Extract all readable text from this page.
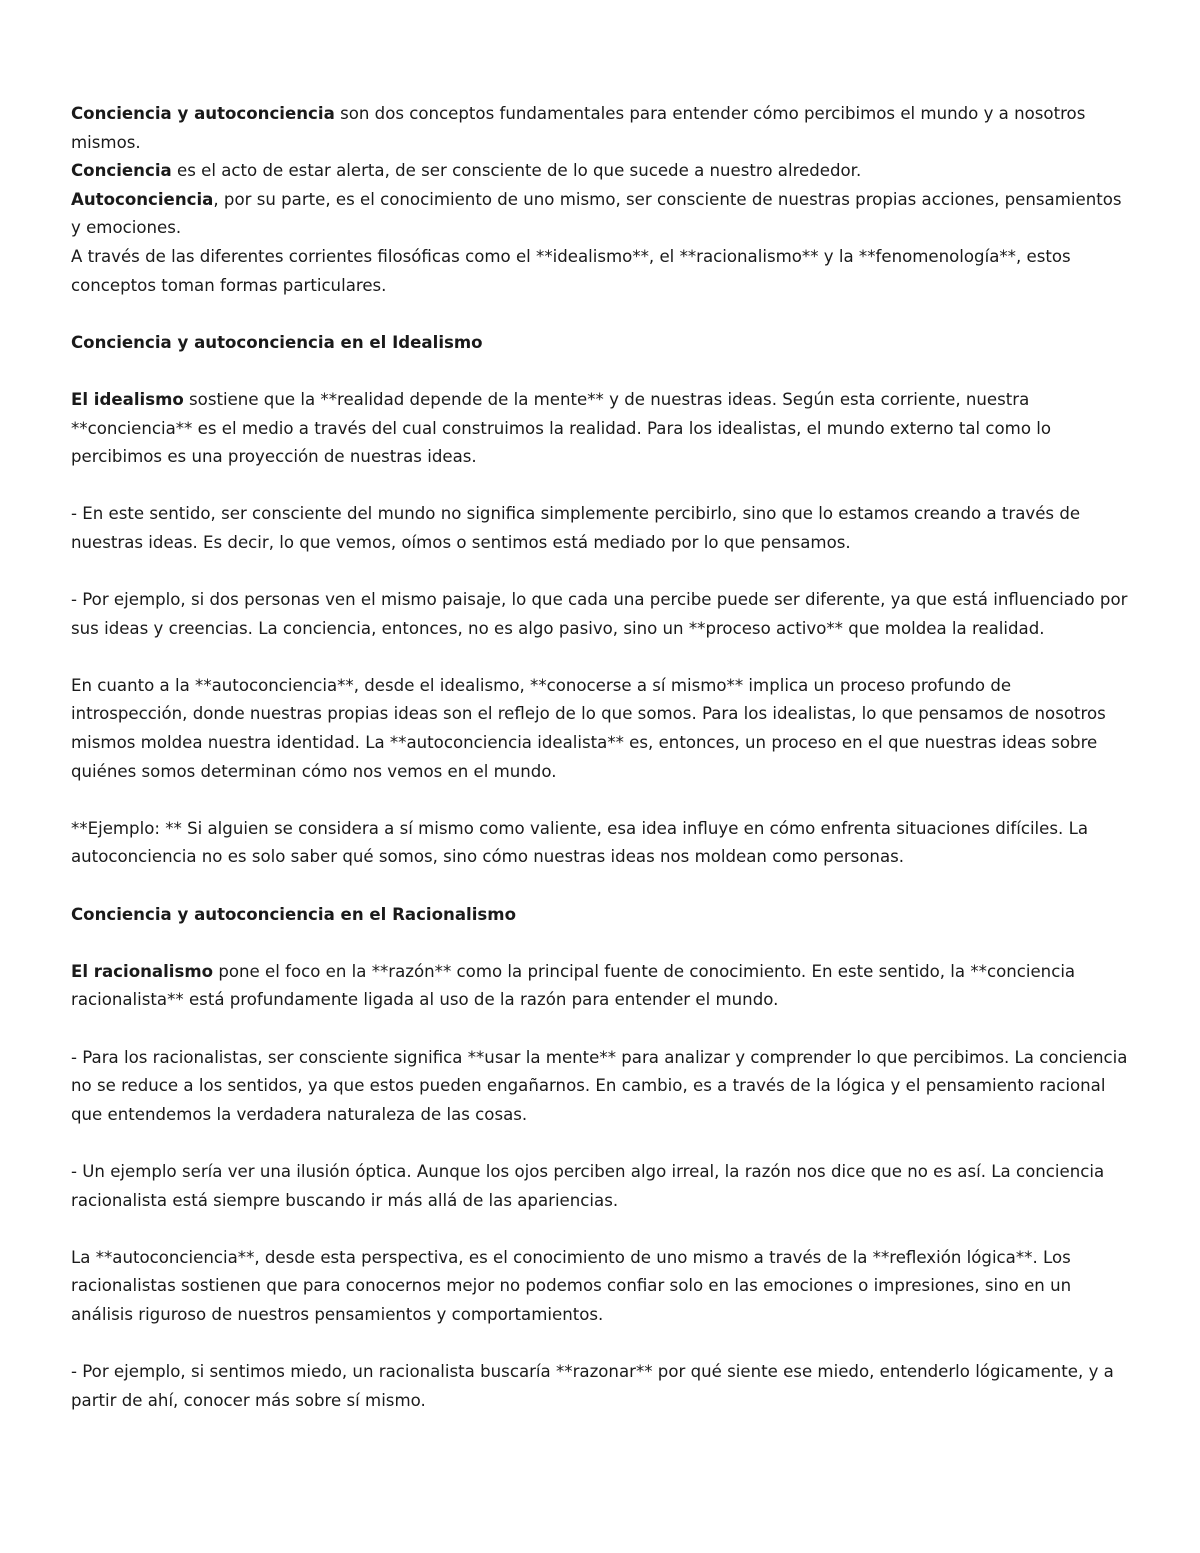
Conciencia y autoconciencia son dos conceptos fundamentales para entender cómo percibimos el mundo y a nosotros mismos.

Conciencia es el acto de estar alerta, de ser consciente de lo que sucede a nuestro alrededor.

Autoconciencia, por su parte, es el conocimiento de uno mismo, ser consciente de nuestras propias acciones, pensamientos y emociones.

A través de las diferentes corrientes filosóficas como el **idealismo**, el **racionalismo** y la **fenomenología**, estos conceptos toman formas particulares.

Conciencia y autoconciencia en el Idealismo

El idealismo sostiene que la **realidad depende de la mente** y de nuestras ideas. Según esta corriente, nuestra **conciencia** es el medio a través del cual construimos la realidad. Para los idealistas, el mundo externo tal como lo percibimos es una proyección de nuestras ideas.

- En este sentido, ser consciente del mundo no significa simplemente percibirlo, sino que lo estamos creando a través de nuestras ideas. Es decir, lo que vemos, oímos o sentimos está mediado por lo que pensamos.

- Por ejemplo, si dos personas ven el mismo paisaje, lo que cada una percibe puede ser diferente, ya que está influenciado por sus ideas y creencias. La conciencia, entonces, no es algo pasivo, sino un **proceso activo** que moldea la realidad.

En cuanto a la **autoconciencia**, desde el idealismo, **conocerse a sí mismo** implica un proceso profundo de introspección, donde nuestras propias ideas son el reflejo de lo que somos. Para los idealistas, lo que pensamos de nosotros mismos moldea nuestra identidad. La **autoconciencia idealista** es, entonces, un proceso en el que nuestras ideas sobre quiénes somos determinan cómo nos vemos en el mundo.

**Ejemplo: ** Si alguien se considera a sí mismo como valiente, esa idea influye en cómo enfrenta situaciones difíciles. La autoconciencia no es solo saber qué somos, sino cómo nuestras ideas nos moldean como personas.

Conciencia y autoconciencia en el Racionalismo

El racionalismo pone el foco en la **razón** como la principal fuente de conocimiento. En este sentido, la **conciencia racionalista** está profundamente ligada al uso de la razón para entender el mundo.

- Para los racionalistas, ser consciente significa **usar la mente** para analizar y comprender lo que percibimos. La conciencia no se reduce a los sentidos, ya que estos pueden engañarnos. En cambio, es a través de la lógica y el pensamiento racional que entendemos la verdadera naturaleza de las cosas.

- Un ejemplo sería ver una ilusión óptica. Aunque los ojos perciben algo irreal, la razón nos dice que no es así. La conciencia racionalista está siempre buscando ir más allá de las apariencias.

La **autoconciencia**, desde esta perspectiva, es el conocimiento de uno mismo a través de la **reflexión lógica**. Los racionalistas sostienen que para conocernos mejor no podemos confiar solo en las emociones o impresiones, sino en un análisis riguroso de nuestros pensamientos y comportamientos.

- Por ejemplo, si sentimos miedo, un racionalista buscaría **razonar** por qué siente ese miedo, entenderlo lógicamente, y a partir de ahí, conocer más sobre sí mismo.
